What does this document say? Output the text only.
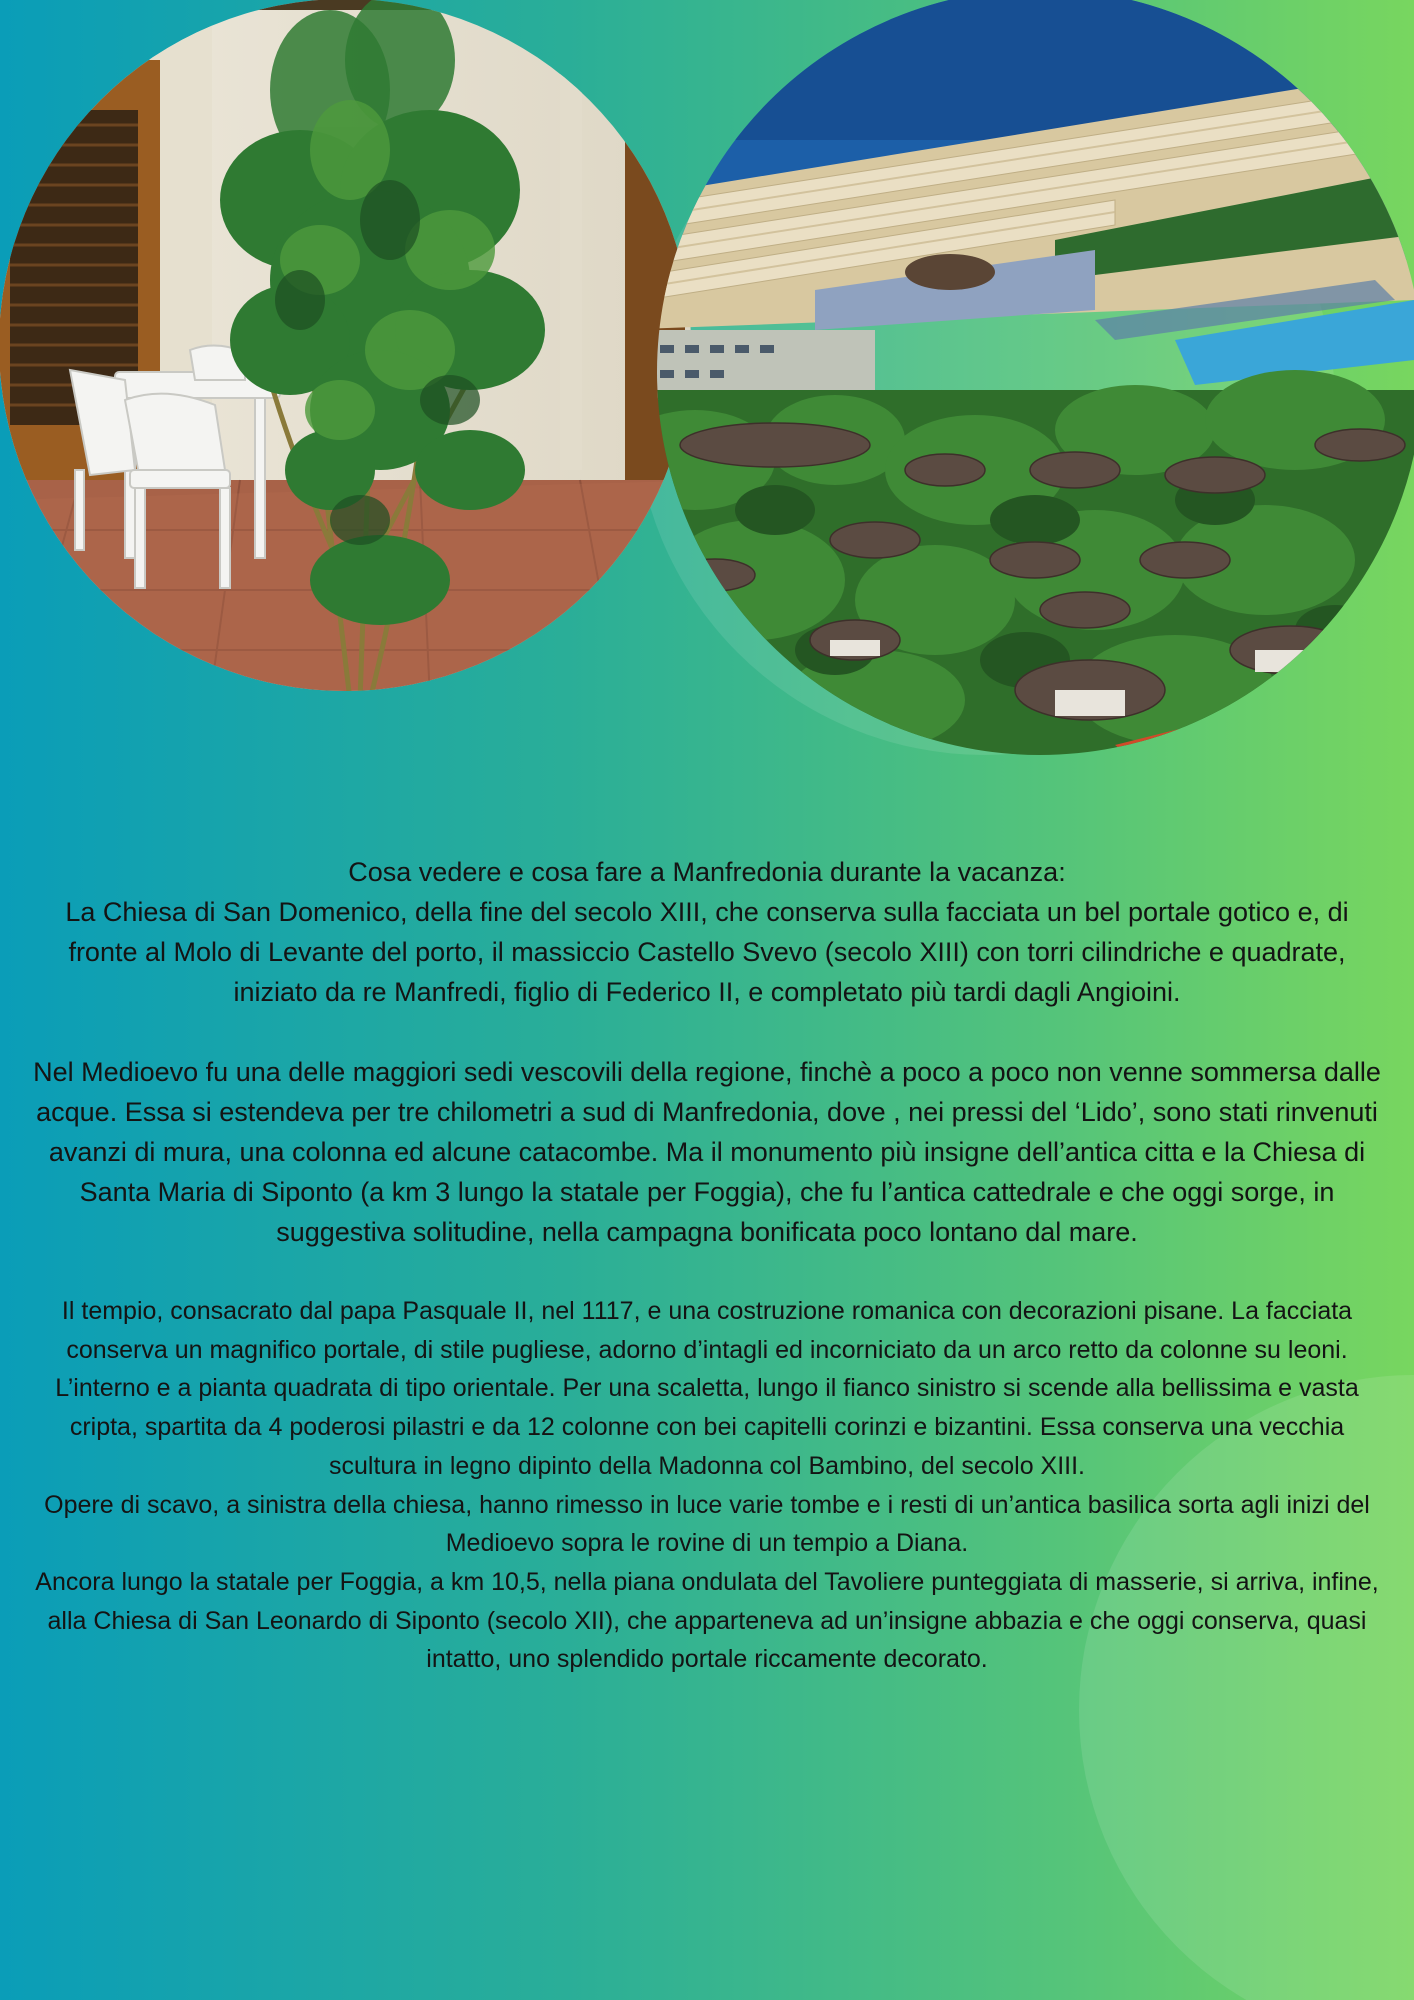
Cosa vedere e cosa fare a Manfredonia durante la vacanza:

La Chiesa di San Domenico, della fine del secolo XIII, che conserva sulla facciata un bel portale gotico e, di fronte al Molo di Levante del porto, il massiccio Castello Svevo (secolo XIII) con torri cilindriche e quadrate, iniziato da re Manfredi, figlio di Federico II, e completato più tardi dagli Angioini.

Nel Medioevo fu una delle maggiori sedi vescovili della regione, finchè a poco a poco non venne sommersa dalle acque. Essa si estendeva per tre chilometri a sud di Manfredonia, dove , nei pressi del ‘Lido’, sono stati rinvenuti avanzi di mura, una colonna ed alcune catacombe. Ma il monumento più insigne dell’antica citta e la Chiesa di Santa Maria di Siponto (a km 3 lungo la statale per Foggia), che fu l’antica cattedrale e che oggi sorge, in suggestiva solitudine, nella campagna bonificata poco lontano dal mare.

Il tempio, consacrato dal papa Pasquale II, nel 1117, e una costruzione romanica con decorazioni pisane. La facciata conserva un magnifico portale, di stile pugliese, adorno d’intagli ed incorniciato da un arco retto da colonne su leoni. L’interno e a pianta quadrata di tipo orientale. Per una scaletta, lungo il fianco sinistro si scende alla bellissima e vasta cripta, spartita da 4 poderosi pilastri e da 12 colonne con bei capitelli corinzi e bizantini. Essa conserva una vecchia scultura in legno dipinto della Madonna col Bambino, del secolo XIII.

Opere di scavo, a sinistra della chiesa, hanno rimesso in luce varie tombe e i resti di un’antica basilica sorta agli inizi del Medioevo sopra le rovine di un tempio a Diana.

Ancora lungo la statale per Foggia, a km 10,5, nella piana ondulata del Tavoliere punteggiata di masserie, si arriva, infine, alla Chiesa di San Leonardo di Siponto (secolo XII), che apparteneva ad un’insigne abbazia e che oggi conserva, quasi intatto, uno splendido portale riccamente decorato.
